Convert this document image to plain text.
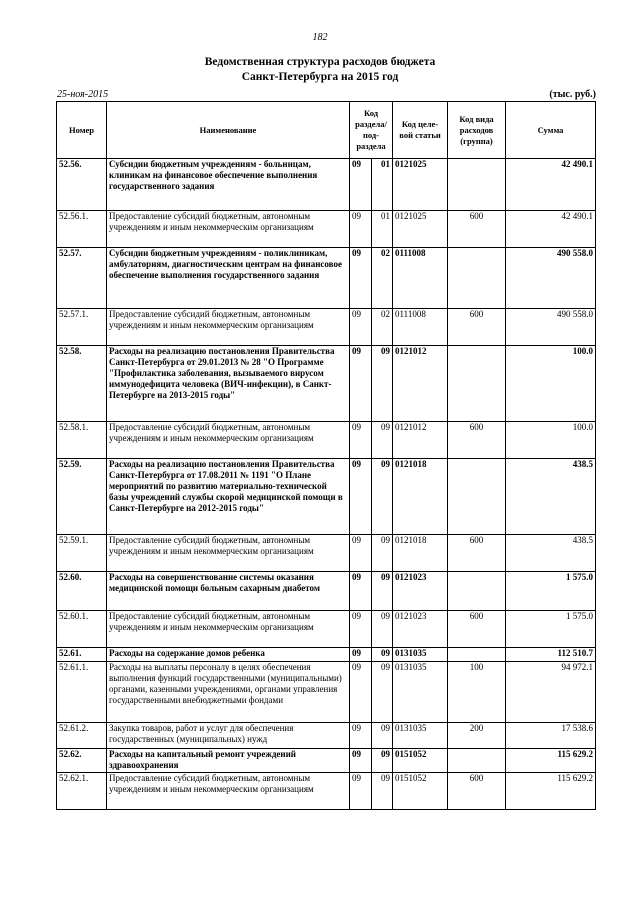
182
Ведомственная структура расходов бюджета
Санкт-Петербурга на 2015 год
25-ноя-2015	(тыс. руб.)
Номер	Наименование	Код раздела/ под- раздела		Код целе- вой статьи	Код вида расходов (группа)	Сумма
52.56.	Субсидии бюджетным учреждениям - больницам, клиникам на финансовое обеспечение выполнения государственного задания	09	01	0121025		42 490.1
52.56.1.	Предоставление субсидий бюджетным, автономным учреждениям и иным некоммерческим организациям	09	01	0121025	600	42 490.1
52.57.	Субсидии бюджетным учреждениям - поликлиникам, амбулаториям, диагностическим центрам на финансовое обеспечение выполнения государственного задания	09	02	0111008		490 558.0
52.57.1.	Предоставление субсидий бюджетным, автономным учреждениям и иным некоммерческим организациям	09	02	0111008	600	490 558.0
52.58.	Расходы на реализацию постановления Правительства Санкт-Петербурга от 29.01.2013 № 28 "О Программе "Профилактика заболевания, вызываемого вирусом иммунодефицита человека (ВИЧ-инфекции), в Санкт-Петербурге на 2013-2015 годы"	09	09	0121012		100.0
52.58.1.	Предоставление субсидий бюджетным, автономным учреждениям и иным некоммерческим организациям	09	09	0121012	600	100.0
52.59.	Расходы на реализацию постановления Правительства Санкт-Петербурга от 17.08.2011 № 1191 "О Плане мероприятий по развитию материально-технической базы учреждений службы скорой медицинской помощи в Санкт-Петербурге на 2012-2015 годы"	09	09	0121018		438.5
52.59.1.	Предоставление субсидий бюджетным, автономным учреждениям и иным некоммерческим организациям	09	09	0121018	600	438.5
52.60.	Расходы на совершенствование системы оказания медицинской помощи больным сахарным диабетом	09	09	0121023		1 575.0
52.60.1.	Предоставление субсидий бюджетным, автономным учреждениям и иным некоммерческим организациям	09	09	0121023	600	1 575.0
52.61.	Расходы на содержание домов ребенка	09	09	0131035		112 510.7
52.61.1.	Расходы на выплаты персоналу в целях обеспечения выполнения функций государственными (муниципальными) органами, казенными учреждениями, органами управления государственными внебюджетными фондами	09	09	0131035	100	94 972.1
52.61.2.	Закупка товаров, работ и услуг для обеспечения государственных (муниципальных) нужд	09	09	0131035	200	17 538.6
52.62.	Расходы на капитальный ремонт учреждений здравоохранения	09	09	0151052		115 629.2
52.62.1.	Предоставление субсидий бюджетным, автономным учреждениям и иным некоммерческим организациям	09	09	0151052	600	115 629.2
